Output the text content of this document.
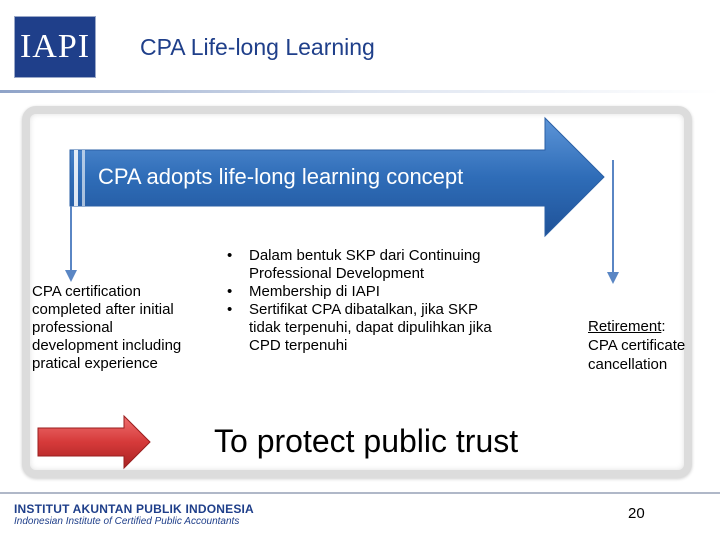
IAPI CPA Life-long Learning
CPA adopts life-long learning concept
CPA certification completed after initial professional development including pratical experience
• Dalam bentuk SKP dari Continuing Professional Development
• Membership di IAPI
• Sertifikat CPA dibatalkan, jika SKP tidak terpenuhi, dapat dipulihkan jika CPD terpenuhi
Retirement: CPA certificate cancellation
To protect public trust
INSTITUT AKUNTAN PUBLIK INDONESIA
Indonesian Institute of Certified Public Accountants	20
